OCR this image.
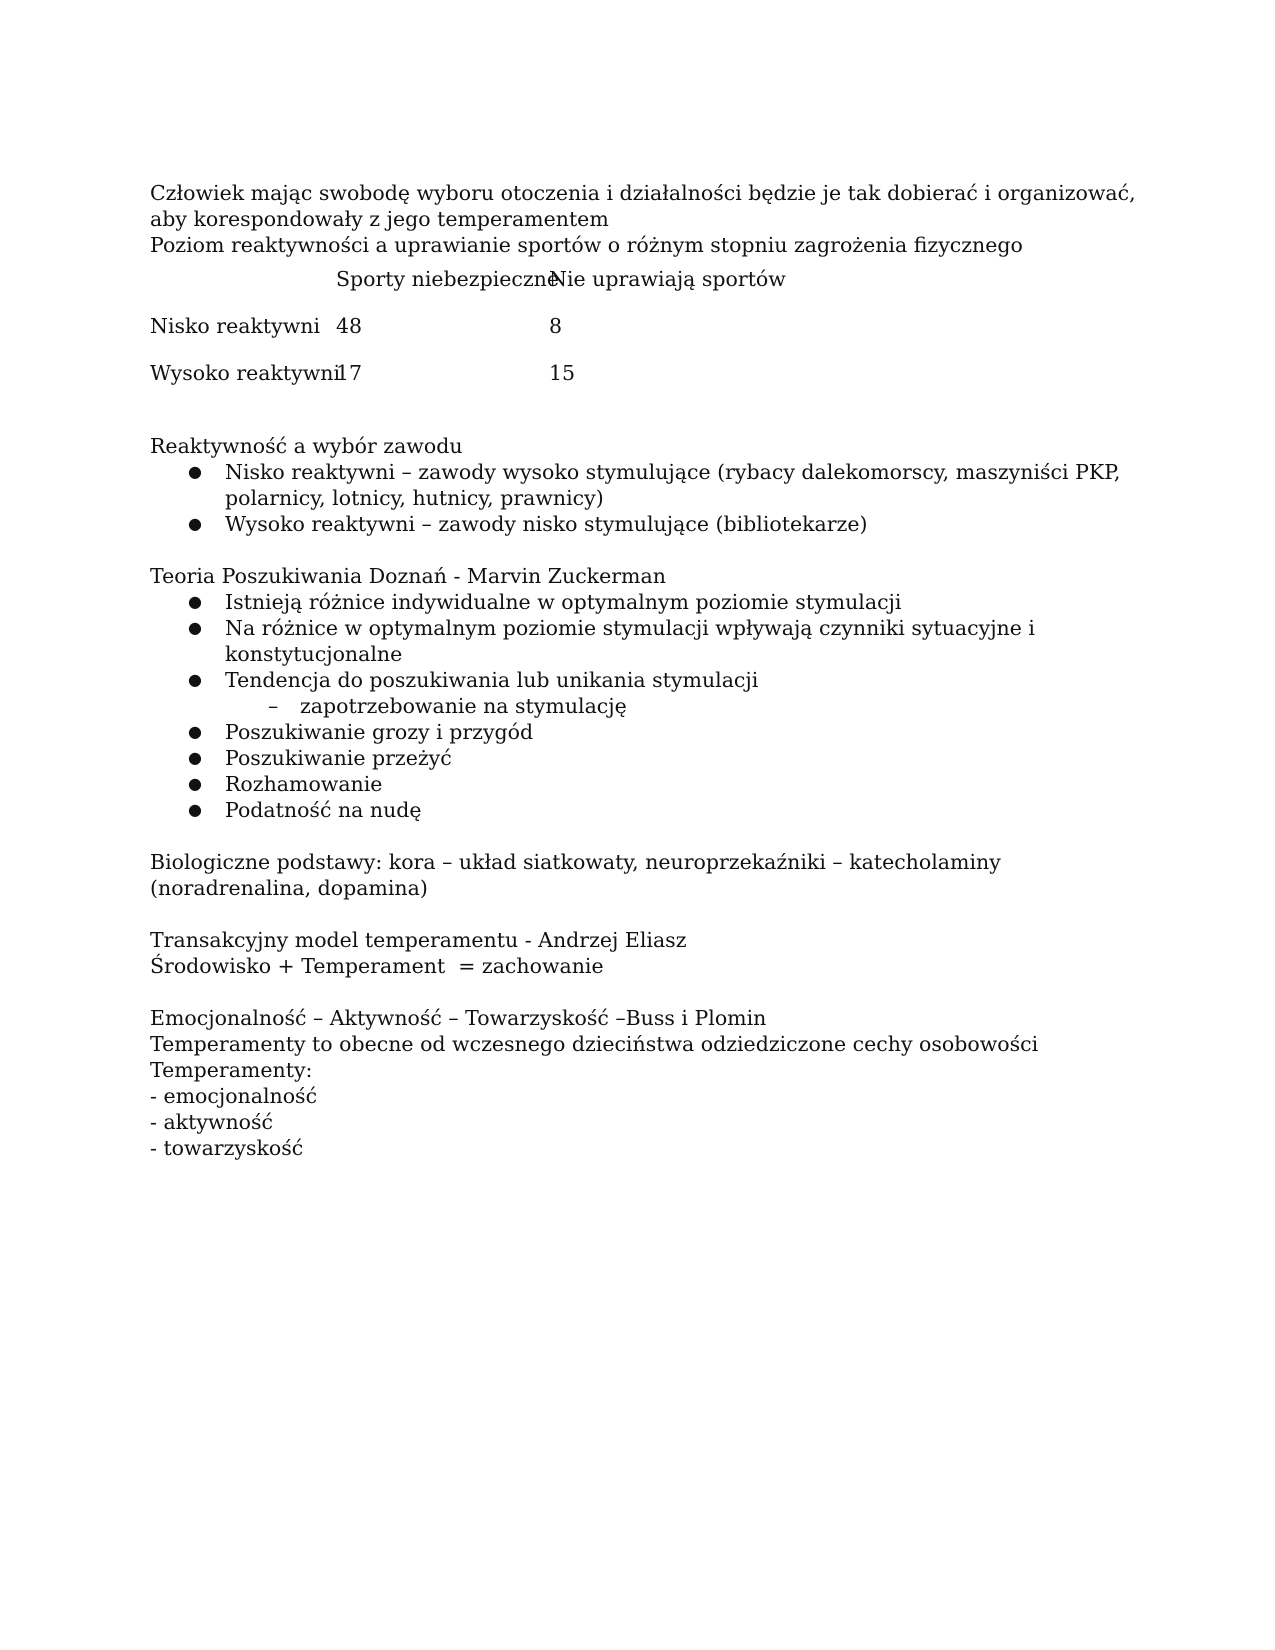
Człowiek mając swobodę wyboru otoczenia i działalności będzie je tak dobierać i organizować,
aby korespondowały z jego temperamentem
Poziom reaktywności a uprawianie sportów o różnym stopniu zagrożenia fizycznego
Sporty niebezpieczne
Nie uprawiają sportów
Nisko reaktywni 48	8
Wysoko reaktywni
17	15
Reaktywność a wybór zawodu
● Nisko reaktywni – zawody wysoko stymulujące (rybacy dalekomorscy, maszyniści PKP, polarnicy, lotnicy, hutnicy, prawnicy)
● Wysoko reaktywni – zawody nisko stymulujące (bibliotekarze)
Teoria Poszukiwania Doznań - Marvin Zuckerman
● Istnieją różnice indywidualne w optymalnym poziomie stymulacji
● Na różnice w optymalnym poziomie stymulacji wpływają czynniki sytuacyjne i konstytucjonalne
● Tendencja do poszukiwania lub unikania stymulacji
– zapotrzebowanie na stymulację
● Poszukiwanie grozy i przygód
● Poszukiwanie przeżyć
● Rozhamowanie
● Podatność na nudę
Biologiczne podstawy: kora – układ siatkowaty, neuroprzekaźniki – katecholaminy
(noradrenalina, dopamina)
Transakcyjny model temperamentu - Andrzej Eliasz
Środowisko + Temperament  = zachowanie
Emocjonalność – Aktywność – Towarzyskość –Buss i Plomin
Temperamenty to obecne od wczesnego dzieciństwa odziedziczone cechy osobowości
Temperamenty:
- emocjonalność
- aktywność
- towarzyskość
